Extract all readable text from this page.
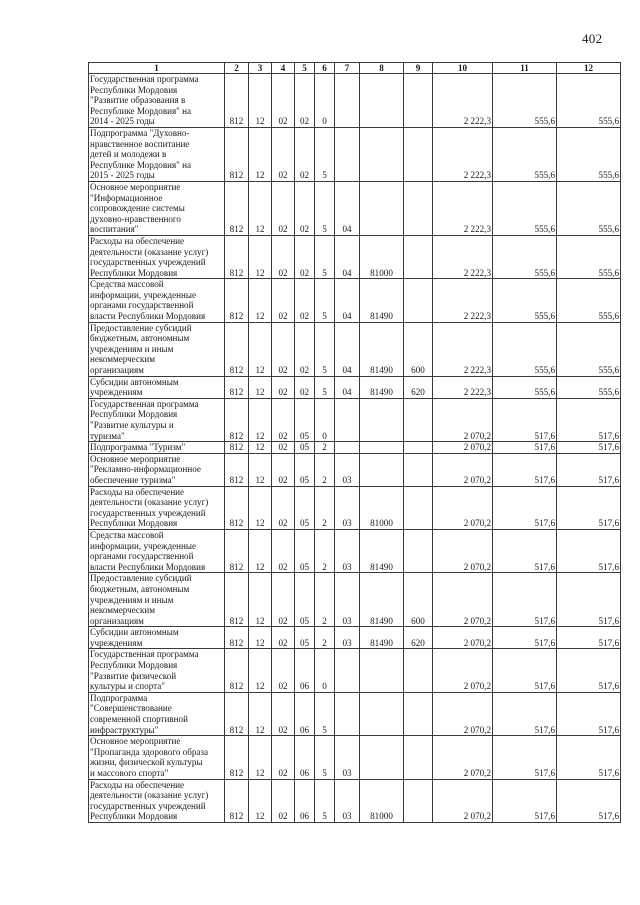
402
1	2	3	4	5	6	7	8	9	10	11	12
Государственная программа
Республики Мордовия
"Развитие образования в
Республике Мордовия" на
2014 - 2025 годы	812	12	02	02	0				2 222,3	555,6	555,6
Подпрограмма "Духовно-
нравственное воспитание
детей и молодежи в
Республике Мордовия" на
2015 - 2025 годы	812	12	02	02	5				2 222,3	555,6	555,6
Основное мероприятие
"Информационное
сопровождение системы
духовно-нравственного
воспитания"	812	12	02	02	5	04			2 222,3	555,6	555,6
Расходы на обеспечение
деятельности (оказание услуг)
государственных учреждений
Республики Мордовия	812	12	02	02	5	04	81000		2 222,3	555,6	555,6
Средства массовой
информации, учрежденные
органами государственной
власти Республики Мордовия	812	12	02	02	5	04	81490		2 222,3	555,6	555,6
Предоставление субсидий
бюджетным, автономным
учреждениям и иным
некоммерческим
организациям	812	12	02	02	5	04	81490	600	2 222,3	555,6	555,6
Субсидии автономным
учреждениям	812	12	02	02	5	04	81490	620	2 222,3	555,6	555,6
Государственная программа
Республики Мордовия
"Развитие культуры и
туризма"	812	12	02	05	0				2 070,2	517,6	517,6
Подпрограмма "Туризм"	812	12	02	05	2				2 070,2	517,6	517,6
Основное мероприятие
"Рекламно-информационное
обеспечение туризма"	812	12	02	05	2	03			2 070,2	517,6	517,6
Расходы на обеспечение
деятельности (оказание услуг)
государственных учреждений
Республики Мордовия	812	12	02	05	2	03	81000		2 070,2	517,6	517,6
Средства массовой
информации, учрежденные
органами государственной
власти Республики Мордовия	812	12	02	05	2	03	81490		2 070,2	517,6	517,6
Предоставление субсидий
бюджетным, автономным
учреждениям и иным
некоммерческим
организациям	812	12	02	05	2	03	81490	600	2 070,2	517,6	517,6
Субсидии автономным
учреждениям	812	12	02	05	2	03	81490	620	2 070,2	517,6	517,6
Государственная программа
Республики Мордовия
"Развитие физической
культуры и спорта"	812	12	02	06	0				2 070,2	517,6	517,6
Подпрограмма
"Совершенствование
современной спортивной
инфраструктуры"	812	12	02	06	5				2 070,2	517,6	517,6
Основное мероприятие
"Пропаганда здорового образа
жизни, физической культуры
и массового спорта"	812	12	02	06	5	03			2 070,2	517,6	517,6
Расходы на обеспечение
деятельности (оказание услуг)
государственных учреждений
Республики Мордовия	812	12	02	06	5	03	81000		2 070,2	517,6	517,6
